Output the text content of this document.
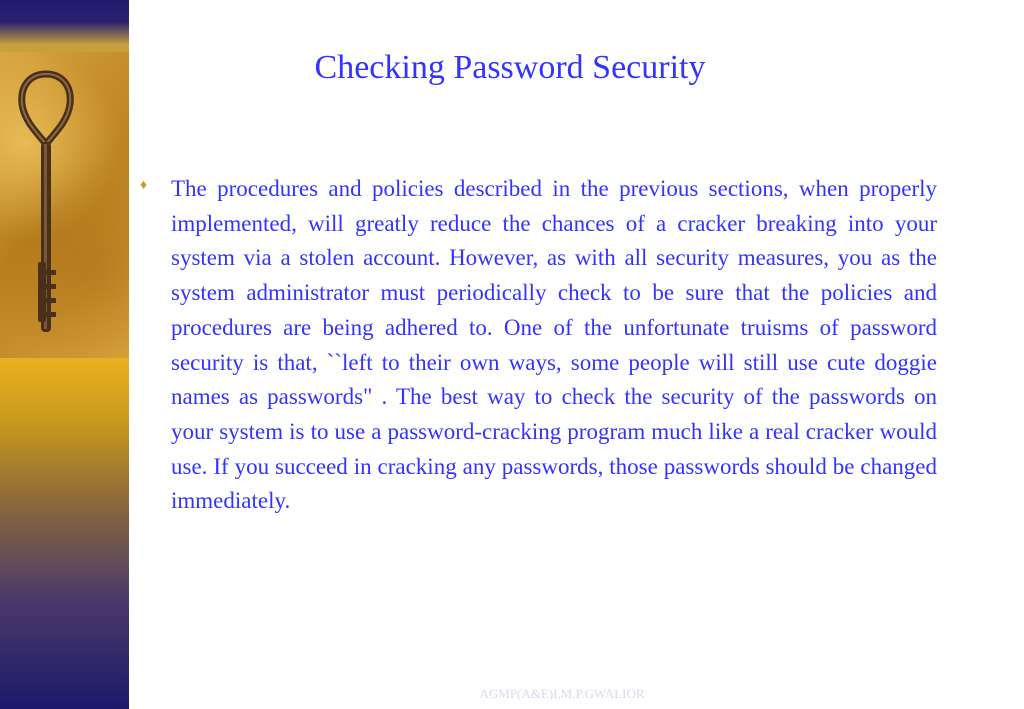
Checking Password Security
♦ The procedures and policies described in the previous sections, when properly implemented, will greatly reduce the chances of a cracker breaking into your system via a stolen account. However, as with all security measures, you as the system administrator must periodically check to be sure that the policies and procedures are being adhered to. One of the unfortunate truisms of password security is that, ``left to their own ways, some people will still use cute doggie names as passwords" . The best way to check the security of the passwords on your system is to use a password-cracking program much like a real cracker would use. If you succeed in cracking any passwords, those passwords should be changed immediately.

AGMP(A&E)I,M.P.GWALIOR
